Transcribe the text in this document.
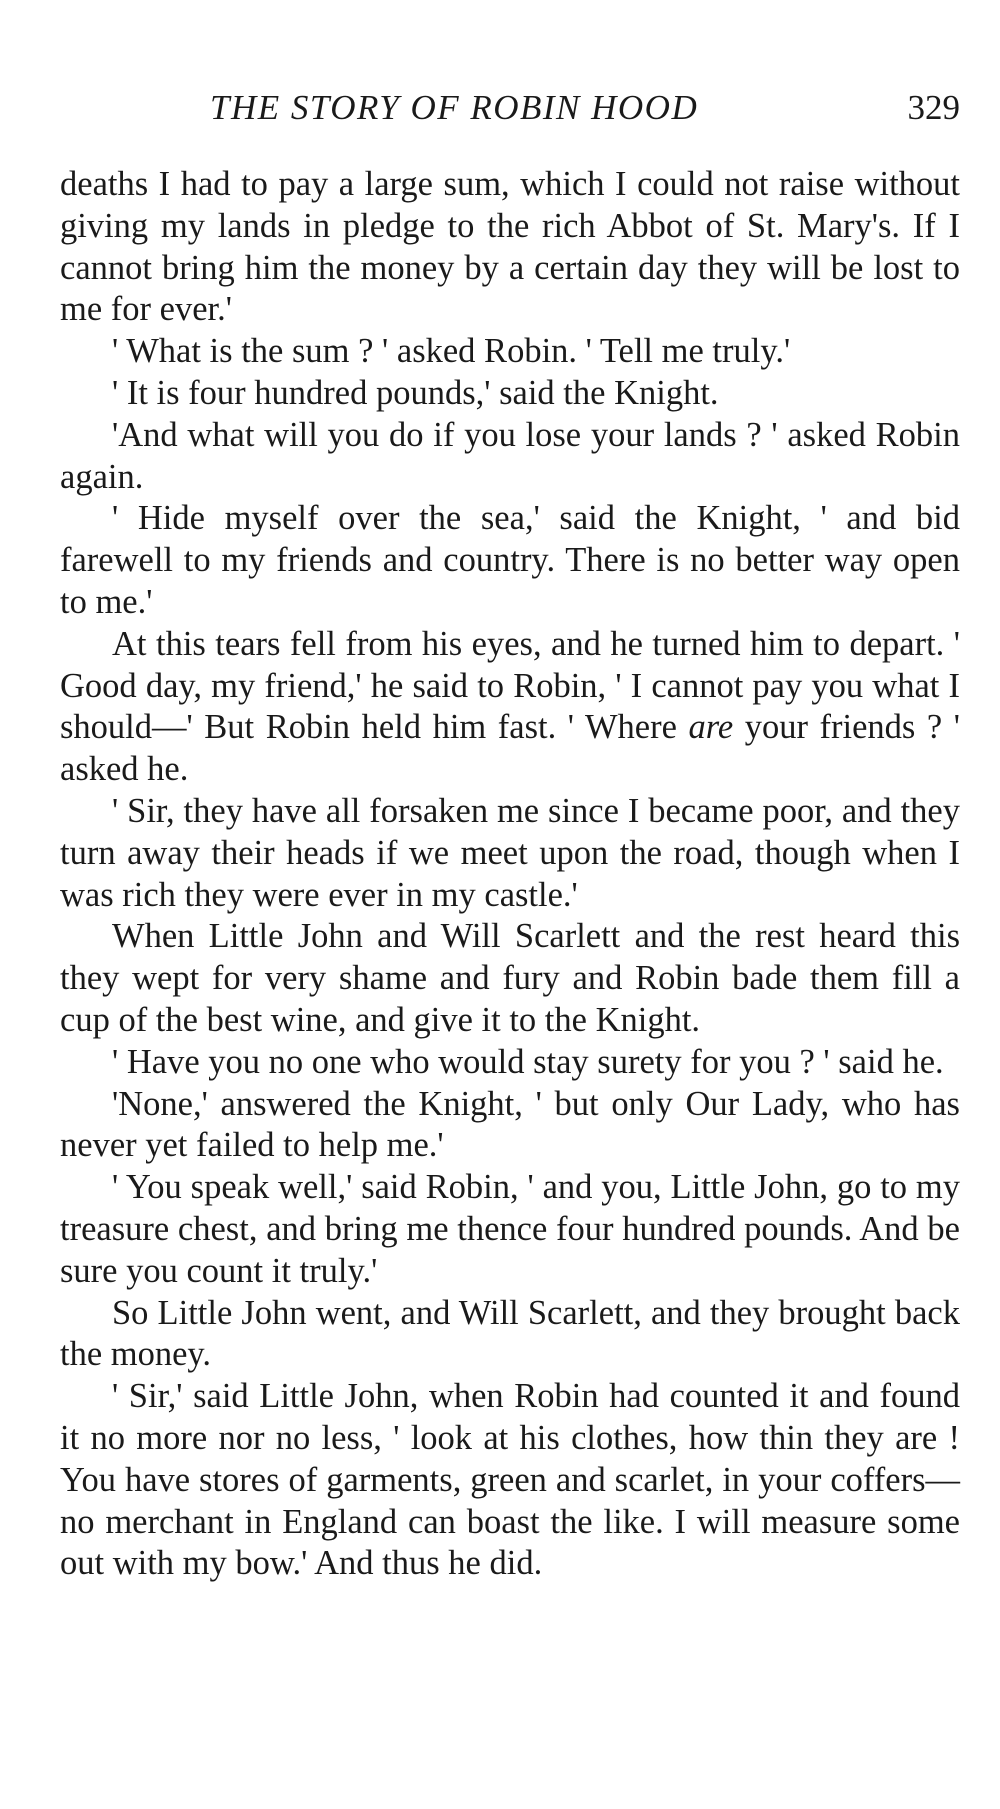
THE STORY OF ROBIN HOOD	329

deaths I had to pay a large sum, which I could not raise without giving my lands in pledge to the rich Abbot of St. Mary's. If I cannot bring him the money by a certain day they will be lost to me for ever.'

' What is the sum ? ' asked Robin. ' Tell me truly.'

' It is four hundred pounds,' said the Knight.

'And what will you do if you lose your lands ? ' asked Robin again.

' Hide myself over the sea,' said the Knight, ' and bid farewell to my friends and country. There is no better way open to me.'

At this tears fell from his eyes, and he turned him to depart. ' Good day, my friend,' he said to Robin, ' I cannot pay you what I should—' But Robin held him fast. ' Where are your friends ? ' asked he.

' Sir, they have all forsaken me since I became poor, and they turn away their heads if we meet upon the road, though when I was rich they were ever in my castle.'

When Little John and Will Scarlett and the rest heard this they wept for very shame and fury and Robin bade them fill a cup of the best wine, and give it to the Knight.

' Have you no one who would stay surety for you ? ' said he.

'None,' answered the Knight, ' but only Our Lady, who has never yet failed to help me.'

' You speak well,' said Robin, ' and you, Little John, go to my treasure chest, and bring me thence four hundred pounds. And be sure you count it truly.'

So Little John went, and Will Scarlett, and they brought back the money.

' Sir,' said Little John, when Robin had counted it and found it no more nor no less, ' look at his clothes, how thin they are ! You have stores of garments, green and scarlet, in your coffers—no merchant in England can boast the like. I will measure some out with my bow.' And thus he did.
